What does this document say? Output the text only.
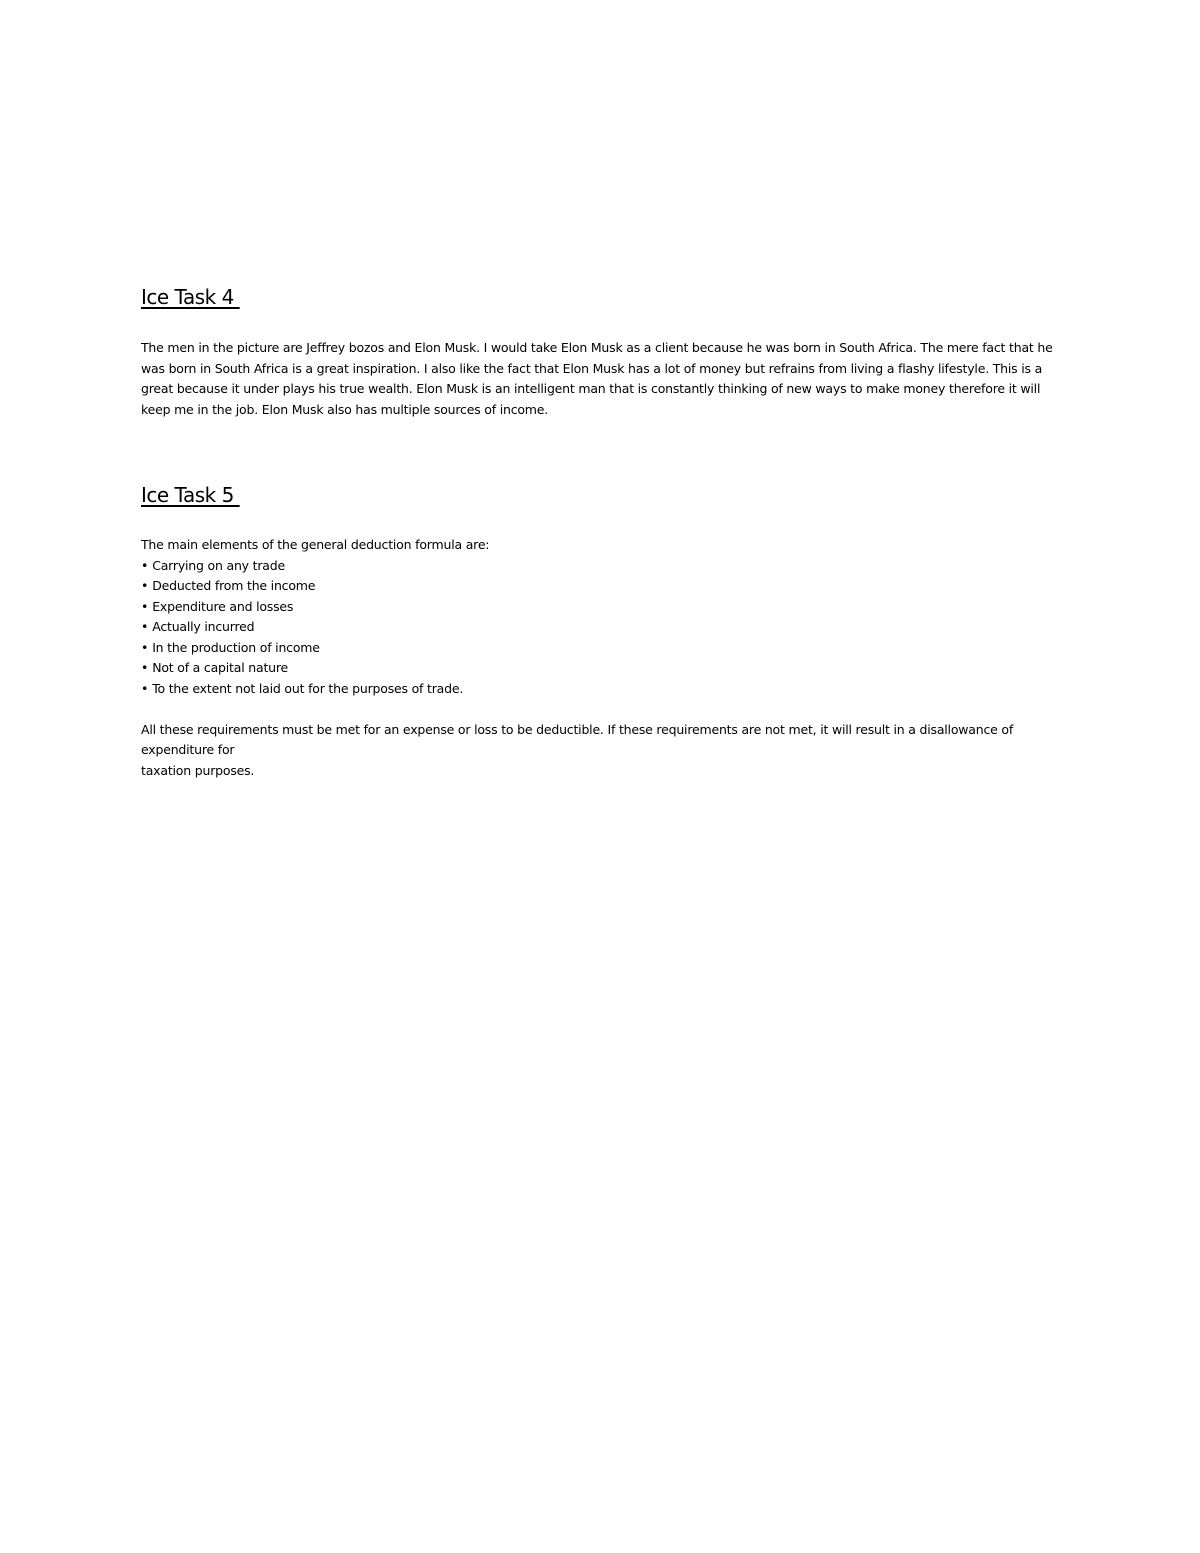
Ice Task 4

The men in the picture are Jeffrey bozos and Elon Musk. I would take Elon Musk as a client because he was born in South Africa. The mere fact that he was born in South Africa is a great inspiration. I also like the fact that Elon Musk has a lot of money but refrains from living a flashy lifestyle. This is a great because it under plays his true wealth. Elon Musk is an intelligent man that is constantly thinking of new ways to make money therefore it will keep me in the job. Elon Musk also has multiple sources of income.

Ice Task 5

The main elements of the general deduction formula are:

• Carrying on any trade
• Deducted from the income
• Expenditure and losses
• Actually incurred
• In the production of income
• Not of a capital nature
• To the extent not laid out for the purposes of trade.

All these requirements must be met for an expense or loss to be deductible. If these requirements are not met, it will result in a disallowance of expenditure for
taxation purposes.
